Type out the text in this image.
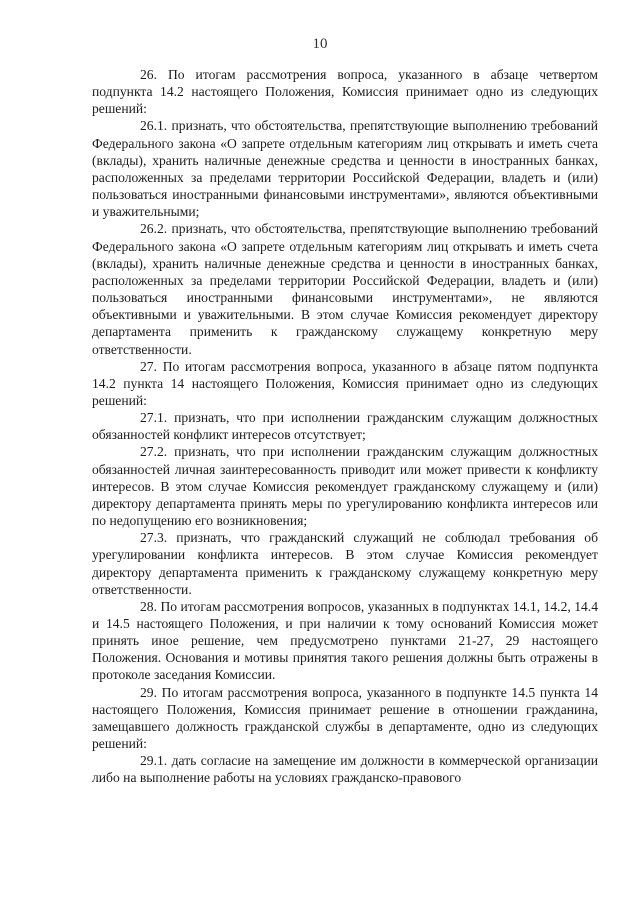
10

26. По итогам рассмотрения вопроса, указанного в абзаце четвертом подпункта 14.2 настоящего Положения, Комиссия принимает одно из следующих решений:

26.1. признать, что обстоятельства, препятствующие выполнению требований Федерального закона «О запрете отдельным категориям лиц открывать и иметь счета (вклады), хранить наличные денежные средства и ценности в иностранных банках, расположенных за пределами территории Российской Федерации, владеть и (или) пользоваться иностранными финансовыми инструментами», являются объективными и уважительными;

26.2. признать, что обстоятельства, препятствующие выполнению требований Федерального закона «О запрете отдельным категориям лиц открывать и иметь счета (вклады), хранить наличные денежные средства и ценности в иностранных банках, расположенных за пределами территории Российской Федерации, владеть и (или) пользоваться иностранными финансовыми инструментами», не являются объективными и уважительными. В этом случае Комиссия рекомендует директору департамента применить к гражданскому служащему конкретную меру ответственности.

27. По итогам рассмотрения вопроса, указанного в абзаце пятом подпункта 14.2 пункта 14 настоящего Положения, Комиссия принимает одно из следующих решений:

27.1. признать, что при исполнении гражданским служащим должностных обязанностей конфликт интересов отсутствует;

27.2. признать, что при исполнении гражданским служащим должностных обязанностей личная заинтересованность приводит или может привести к конфликту интересов. В этом случае Комиссия рекомендует гражданскому служащему и (или) директору департамента принять меры по урегулированию конфликта интересов или по недопущению его возникновения;

27.3. признать, что гражданский служащий не соблюдал требования об урегулировании конфликта интересов. В этом случае Комиссия рекомендует директору департамента применить к гражданскому служащему конкретную меру ответственности.

28. По итогам рассмотрения вопросов, указанных в подпунктах 14.1, 14.2, 14.4 и 14.5 настоящего Положения, и при наличии к тому оснований Комиссия может принять иное решение, чем предусмотрено пунктами 21-27, 29 настоящего Положения. Основания и мотивы принятия такого решения должны быть отражены в протоколе заседания Комиссии.

29. По итогам рассмотрения вопроса, указанного в подпункте 14.5 пункта 14 настоящего Положения, Комиссия принимает решение в отношении гражданина, замещавшего должность гражданской службы в департаменте, одно из следующих решений:

29.1. дать согласие на замещение им должности в коммерческой организации либо на выполнение работы на условиях гражданско-правового
